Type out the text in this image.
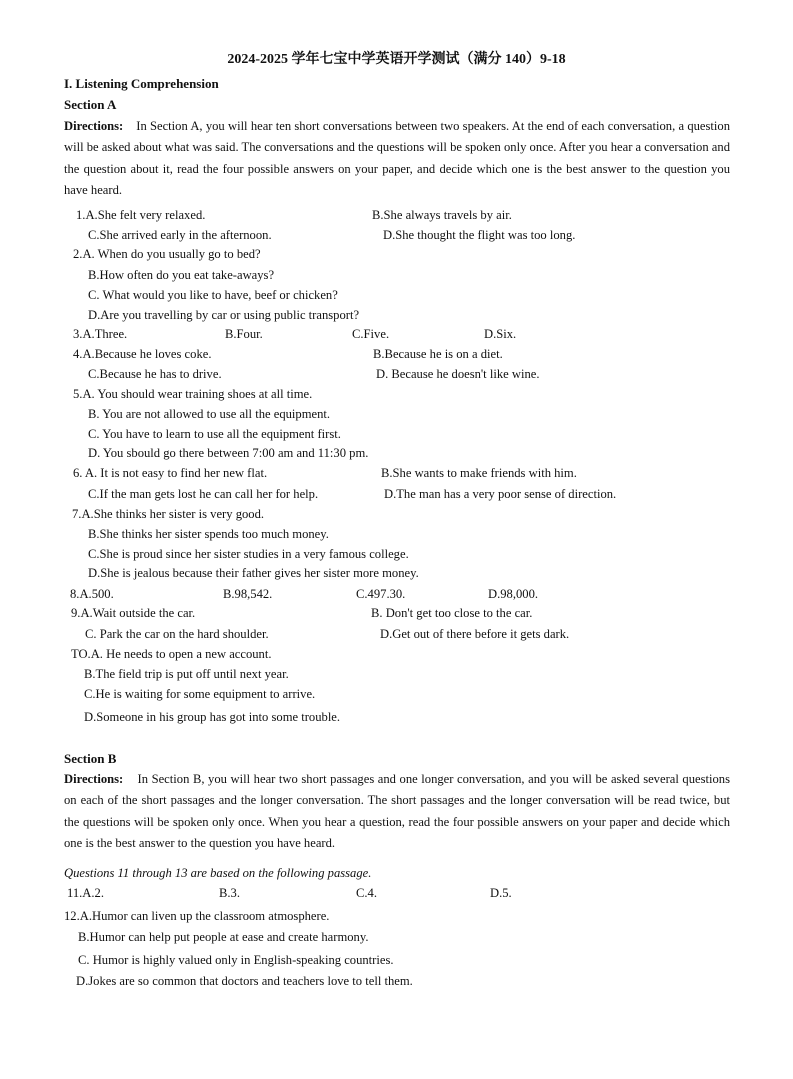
2024-2025 学年七宝中学英语开学测试（满分 140）9-18
I. Listening Comprehension
Section A
Directions: In Section A, you will hear ten short conversations between two speakers. At the end of each conversation, a question will be asked about what was said. The conversations and the questions will be spoken only once. After you hear a conversation and the question about it, read the four possible answers on your paper, and decide which one is the best answer to the question you have heard.
1.A.She felt very relaxed.	B.She always travels by air.
C.She arrived early in the afternoon.	D.She thought the flight was too long.
2.A. When do you usually go to bed?
B.How often do you eat take-aways?
C. What would you like to have, beef or chicken?
D.Are you travelling by car or using public transport?
3.A.Three.	B.Four.	C.Five.	D.Six.
4.A.Because he loves coke.	B.Because he is on a diet.
C.Because he has to drive.	D. Because he doesn't like wine.
5.A. You should wear training shoes at all time.
B. You are not allowed to use all the equipment.
C. You have to learn to use all the equipment first.
D. You sbould go there between 7:00 am and 11:30 pm.
6. A. It is not easy to find her new flat.	B.She wants to make friends with him.
C.If the man gets lost he can call her for help.	D.The man has a very poor sense of direction.
7.A.She thinks her sister is very good.
B.She thinks her sister spends too much money.
C.She is proud since her sister studies in a very famous college.
D.She is jealous because their father gives her sister more money.
8.A.500.	B.98,542.	C.497.30.	D.98,000.
9.A.Wait outside the car.	B. Don't get too close to the car.
C. Park the car on the hard shoulder.	D.Get out of there before it gets dark.
TO.A. He needs to open a new account.
B.The field trip is put off until next year.
C.He is waiting for some equipment to arrive.
D.Someone in his group has got into some trouble.
Section B
Directions: In Section B, you will hear two short passages and one longer conversation, and you will be asked several questions on each of the short passages and the longer conversation. The short passages and the longer conversation will be read twice, but the questions will be spoken only once. When you hear a question, read the four possible answers on your paper and decide which one is the best answer to the question you have heard.
Questions 11 through 13 are based on the following passage.
11.A.2.	B.3.	C.4.	D.5.
12.A.Humor can liven up the classroom atmosphere.
B.Humor can help put people at ease and create harmony.
C. Humor is highly valued only in English-speaking countries.
D.Jokes are so common that doctors and teachers love to tell them.
